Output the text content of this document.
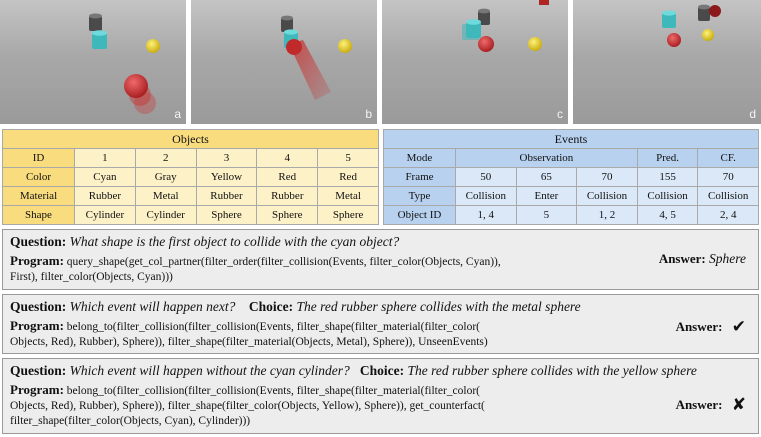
a	b	c	d
Objects					
ID	1	2	3	4	5
Color	Cyan	Gray	Yellow	Red	Red
Material	Rubber	Metal	Rubber	Rubber	Metal
Shape	Cylinder	Cylinder	Sphere	Sphere	Sphere
Events					
Mode	Observation			Pred.	CF.
Frame	50	65	70	155	70
Type	Collision	Enter	Collision	Collision	Collision
Object ID	1, 4	5	1, 2	4, 5	2, 4
Question: What shape is the first object to collide with the cyan object?
Program: query_shape(get_col_partner(filter_order(filter_collision(Events, filter_color(Objects, Cyan)),
First), filter_color(Objects, Cyan)))
Answer: Sphere
Question: Which event will happen next? Choice: The red rubber sphere collides with the metal sphere
Program: belong_to(filter_collision(filter_collision(Events, filter_shape(filter_material(filter_color(
Objects, Red), Rubber), Sphere)), filter_shape(filter_material(Objects, Metal), Sphere)), UnseenEvents)
Answer: ✔
Question: Which event will happen without the cyan cylinder? Choice: The red rubber sphere collides with the yellow sphere
Program: belong_to(filter_collision(filter_collision(Events, filter_shape(filter_material(filter_color(
Objects, Red), Rubber), Sphere)), filter_shape(filter_color(Objects, Yellow), Sphere)), get_counterfact(
filter_shape(filter_color(Objects, Cyan), Cylinder)))
Answer: ✘
